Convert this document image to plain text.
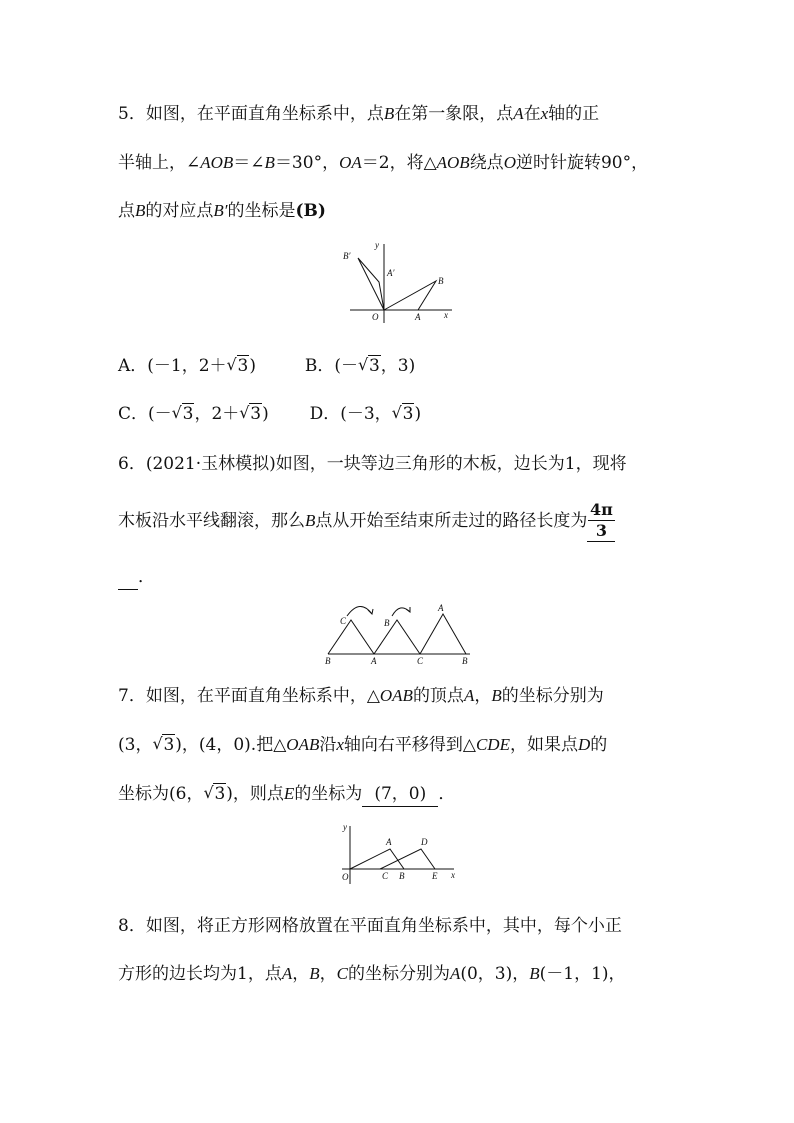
5．如图，在平面直角坐标系中，点B在第一象限，点A在x轴的正
半轴上，∠AOB＝∠B＝30°，OA＝2，将△AOB绕点O逆时针旋转90°，
点B的对应点B′的坐标是(B)
B′
y
A′
B
O	A	x
A．(－1，2＋ √ 3)	B．(－ √ 3，3)
C．(－ √ 3，2＋ √ 3) D．(－3， √ 3)
6．(2021·玉林模拟)如图，一块等边三角形的木板，边长为1，现将
木板沿水平线翻滚，那么B点从开始至结束所走过的路径长度为 $\frac{4\pi}{3}$
．
C	B
A
B	A	C	B
7．如图，在平面直角坐标系中，△OAB的顶点A，B的坐标分别为
(3， √ 3)，(4，0).把△OAB沿x轴向右平移得到△CDE，如果点D的
坐标为(6， √ 3)，则点E的坐标为 (7，0) ．
y
A	D
O	C B	E x
8．如图，将正方形网格放置在平面直角坐标系中，其中，每个小正
方形的边长均为1，点A，B，C的坐标分别为A(0，3)，B(－1，1)，
